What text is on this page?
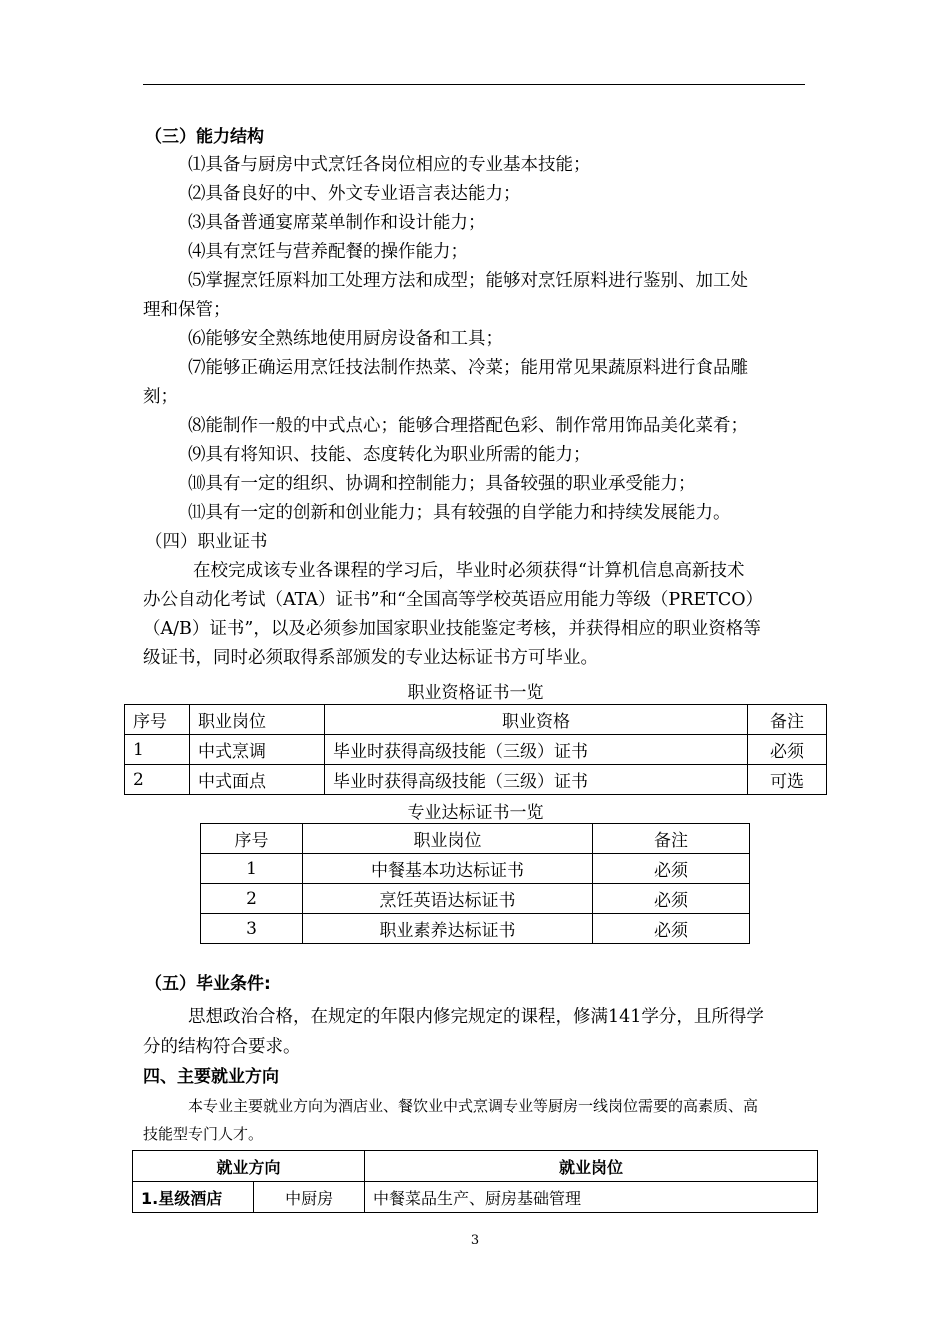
（三）能力结构
⑴具备与厨房中式烹饪各岗位相应的专业基本技能；
⑵具备良好的中、外文专业语言表达能力；
⑶具备普通宴席菜单制作和设计能力；
⑷具有烹饪与营养配餐的操作能力；
⑸掌握烹饪原料加工处理方法和成型；能够对烹饪原料进行鉴别、加工处
理和保管；
⑹能够安全熟练地使用厨房设备和工具；
⑺能够正确运用烹饪技法制作热菜、冷菜；能用常见果蔬原料进行食品雕
刻；
⑻能制作一般的中式点心；能够合理搭配色彩、制作常用饰品美化菜肴；
⑼具有将知识、技能、态度转化为职业所需的能力；
⑽具有一定的组织、协调和控制能力；具备较强的职业承受能力；
⑾具有一定的创新和创业能力；具有较强的自学能力和持续发展能力。
（四）职业证书
在校完成该专业各课程的学习后，毕业时必须获得“计算机信息高新技术
办公自动化考试（ATA）证书”和“全国高等学校英语应用能力等级（PRETCO）
（A/B）证书”，以及必须参加国家职业技能鉴定考核，并获得相应的职业资格等
级证书，同时必须取得系部颁发的专业达标证书方可毕业。
职业资格证书一览
序号	职业岗位	职业资格	备注
1	中式烹调	毕业时获得高级技能（三级）证书	必须
2	中式面点	毕业时获得高级技能（三级）证书	可选
专业达标证书一览
序号	职业岗位	备注
1	中餐基本功达标证书	必须
2	烹饪英语达标证书	必须
3	职业素养达标证书	必须
（五）毕业条件:
思想政治合格，在规定的年限内修完规定的课程，修满141学分，且所得学
分的结构符合要求。
四、主要就业方向
本专业主要就业方向为酒店业、餐饮业中式烹调专业等厨房一线岗位需要的高素质、高
技能型专门人才。
就业方向		就业岗位
1.星级酒店	中厨房	中餐菜品生产、厨房基础管理
3
